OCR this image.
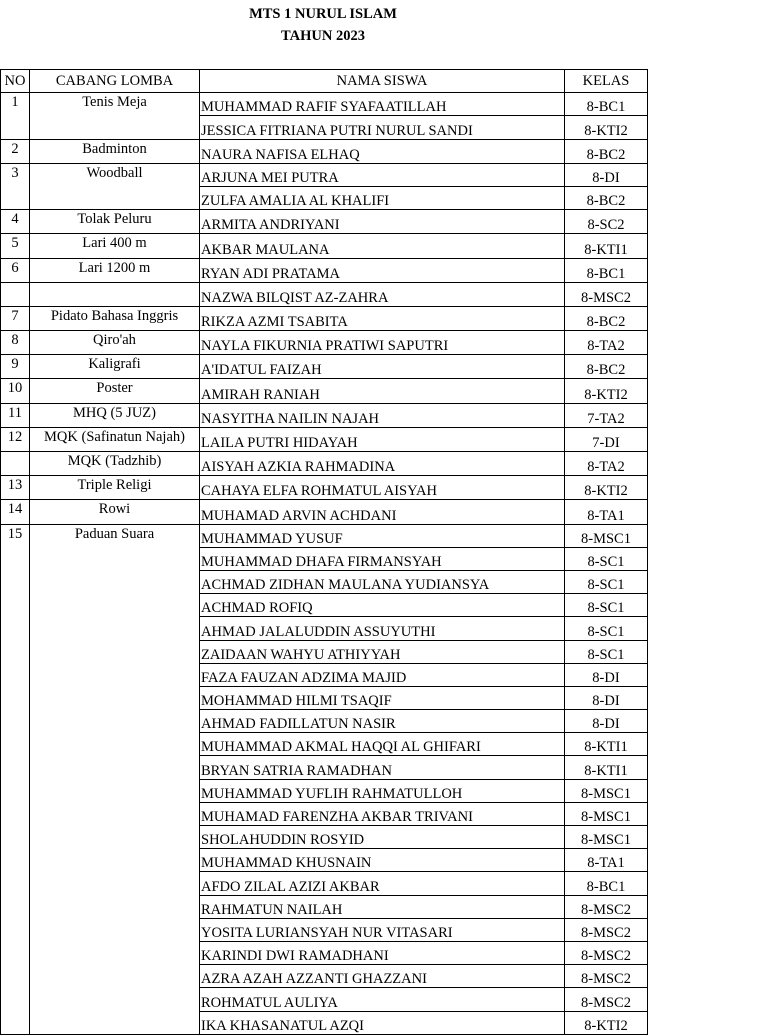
MTS 1 NURUL ISLAM
TAHUN 2023
NO	CABANG LOMBA	NAMA SISWA	KELAS
1	Tenis Meja	MUHAMMAD RAFIF SYAFAATILLAH	8-BC1
		JESSICA FITRIANA PUTRI NURUL SANDI	8-KTI2
2	Badminton	NAURA NAFISA ELHAQ	8-BC2
3	Woodball	ARJUNA MEI PUTRA	8-DI
		ZULFA AMALIA AL KHALIFI	8-BC2
4	Tolak Peluru	ARMITA ANDRIYANI	8-SC2
5	Lari 400 m	AKBAR MAULANA	8-KTI1
6	Lari 1200 m	RYAN ADI PRATAMA	8-BC1
		NAZWA BILQIST AZ-ZAHRA	8-MSC2
7	Pidato Bahasa Inggris	RIKZA AZMI TSABITA	8-BC2
8	Qiro'ah	NAYLA FIKURNIA PRATIWI SAPUTRI	8-TA2
9	Kaligrafi	A'IDATUL FAIZAH	8-BC2
10	Poster	AMIRAH RANIAH	8-KTI2
11	MHQ (5 JUZ)	NASYITHA NAILIN NAJAH	7-TA2
12	MQK (Safinatun Najah)	LAILA PUTRI HIDAYAH	7-DI
	MQK (Tadzhib)	AISYAH AZKIA RAHMADINA	8-TA2
13	Triple Religi	CAHAYA ELFA ROHMATUL AISYAH	8-KTI2
14	Rowi	MUHAMAD ARVIN ACHDANI	8-TA1
15	Paduan Suara	MUHAMMAD YUSUF	8-MSC1
		MUHAMMAD DHAFA FIRMANSYAH	8-SC1
		ACHMAD ZIDHAN MAULANA YUDIANSYA	8-SC1
		ACHMAD ROFIQ	8-SC1
		AHMAD JALALUDDIN ASSUYUTHI	8-SC1
		ZAIDAAN WAHYU ATHIYYAH	8-SC1
		FAZA FAUZAN ADZIMA MAJID	8-DI
		MOHAMMAD HILMI TSAQIF	8-DI
		AHMAD FADILLATUN NASIR	8-DI
		MUHAMMAD AKMAL HAQQI AL GHIFARI	8-KTI1
		BRYAN SATRIA RAMADHAN	8-KTI1
		MUHAMMAD YUFLIH RAHMATULLOH	8-MSC1
		MUHAMAD FARENZHA AKBAR TRIVANI	8-MSC1
		SHOLAHUDDIN ROSYID	8-MSC1
		MUHAMMAD KHUSNAIN	8-TA1
		AFDO ZILAL AZIZI AKBAR	8-BC1
		RAHMATUN NAILAH	8-MSC2
		YOSITA LURIANSYAH NUR VITASARI	8-MSC2
		KARINDI DWI RAMADHANI	8-MSC2
		AZRA AZAH AZZANTI GHAZZANI	8-MSC2
		ROHMATUL AULIYA	8-MSC2
		IKA KHASANATUL AZQI	8-KTI2
